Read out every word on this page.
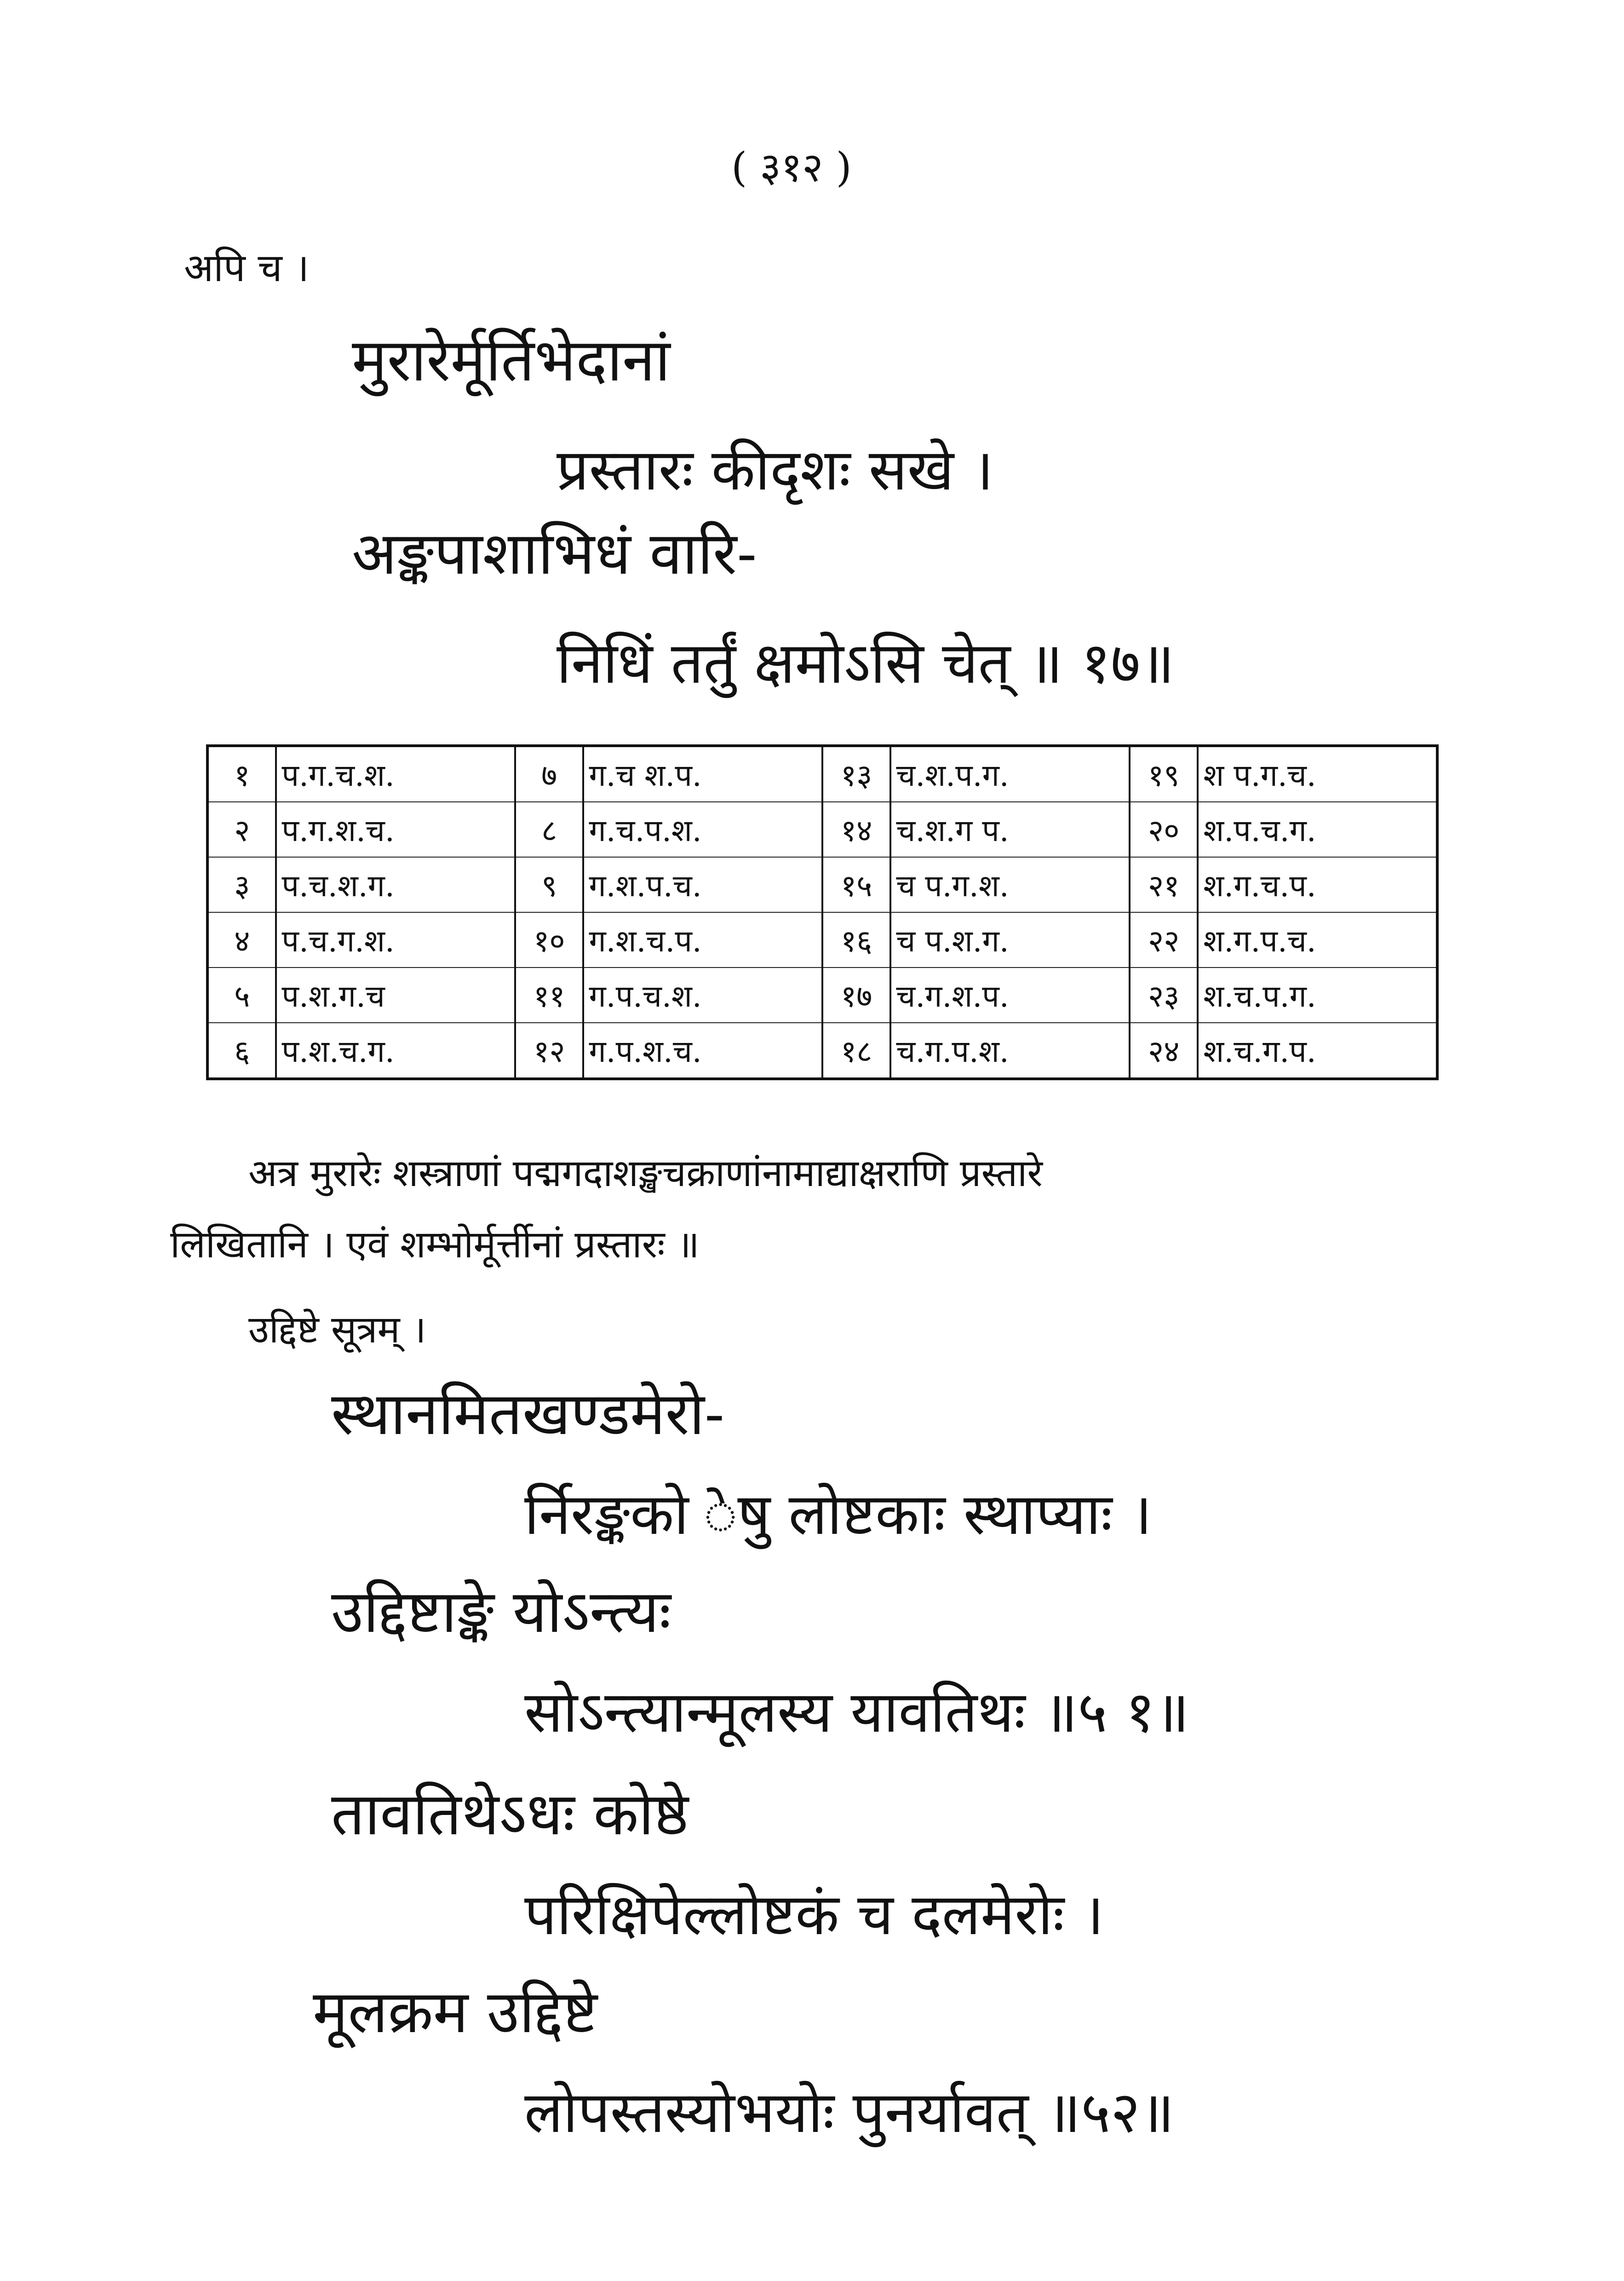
( ३१२ )
अपि च ।
मुरारेर्मूर्तिभेदानां
प्रस्तारः कीदृशः सखे ।
अङ्कपाशाभिधं वारि-
निधिं तर्तुं क्षमोऽसि चेत् ॥ १७॥
१	प.ग.च.श.	७	ग.च श.प.	१३	च.श.प.ग.	१९	श प.ग.च.
२	प.ग.श.च.	८	ग.च.प.श.	१४	च.श.ग प.	२०	श.प.च.ग.
३	प.च.श.ग.	९	ग.श.प.च.	१५	च प.ग.श.	२१	श.ग.च.प.
४	प.च.ग.श.	१०	ग.श.च.प.	१६	च प.श.ग.	२२	श.ग.प.च.
५	प.श.ग.च	११	ग.प.च.श.	१७	च.ग.श.प.	२३	श.च.प.ग.
६	प.श.च.ग.	१२	ग.प.श.च.	१८	च.ग.प.श.	२४	श.च.ग.प.
अत्र मुरारेः शस्त्राणां पद्मगदाशङ्खचक्राणांनामाद्याक्षराणि प्रस्तारे
लिखितानि । एवं शम्भोर्मूर्त्तीनां प्रस्तारः ॥
उद्दिष्टे सूत्रम् ।
स्थानमितखण्डमेरो-
र्निरङ्कको ेषु लोष्टकाः स्थाप्याः ।
उद्दिष्टाङ्के योऽन्त्यः
सोऽन्त्यान्मूलस्य यावतिथः ॥५ १॥
तावतिथेऽधः कोष्ठे
परिक्षिपेल्लोष्टकं च दलमेरोः ।
मूलक्रम उद्दिष्टे
लोपस्तस्योभयोः पुनर्यावत् ॥५२॥
